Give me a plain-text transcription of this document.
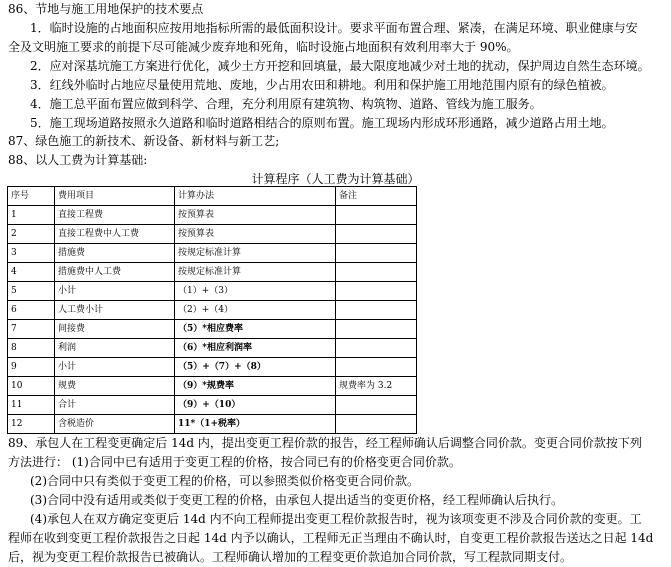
86、节地与施工用地保护的技术要点
1．临时设施的占地面积应按用地指标所需的最低面积设计。要求平面布置合理、紧凑，在满足环境、职业健康与安
全及文明施工要求的前提下尽可能减少废弃地和死角，临时设施占地面积有效利用率大于 90%。
2．应对深基坑施工方案进行优化，减少土方开挖和回填量，最大限度地减少对土地的扰动，保护周边自然生态环境。
3．红线外临时占地应尽量使用荒地、废地，少占用农田和耕地。利用和保护施工用地范围内原有的绿色植被。
4．施工总平面布置应做到科学、合理，充分利用原有建筑物、构筑物、道路、管线为施工服务。
5．施工现场道路按照永久道路和临时道路相结合的原则布置。施工现场内形成环形通路，减少道路占用土地。
87、绿色施工的新技术、新设备、新材料与新工艺;
88、以人工费为计算基础:
计算程序（人工费为计算基础）
序号	费用项目	计算办法	备注
1	直接工程费	按预算表	
2	直接工程费中人工费	按预算表	
3	措施费	按规定标准计算	
4	措施费中人工费	按规定标准计算	
5	小计	（1）+（3）	
6	人工费小计	（2）+（4）	
7	间接费	（5）*相应费率	
8	利润	（6）*相应利润率	
9	小计	（5）+（7）+（8）	
10	规费	（9）*规费率	规费率为 3.2
11	合计	（9）+（10）	
12	含税造价	11*（1+税率）	
89、承包人在工程变更确定后 14d 内，提出变更工程价款的报告，经工程师确认后调整合同价款。变更合同价款按下列
方法进行： (1)合同中已有适用于变更工程的价格，按合同已有的价格变更合同价款。
(2)合同中只有类似于变更工程的价格，可以参照类似价格变更合同价款。
(3)合同中没有适用或类似于变更工程的价格，由承包人提出适当的变更价格，经工程师确认后执行。
(4)承包人在双方确定变更后 14d 内不向工程师提出变更工程价款报告时，视为该项变更不涉及合同价款的变更。工
程师在收到变更工程价款报告之日起 14d 内予以确认，工程师无正当理由不确认时，自变更工程价款报告送达之日起 14d
后，视为变更工程价款报告已被确认。工程师确认增加的工程变更价款追加合同价款，写工程款同期支付。
